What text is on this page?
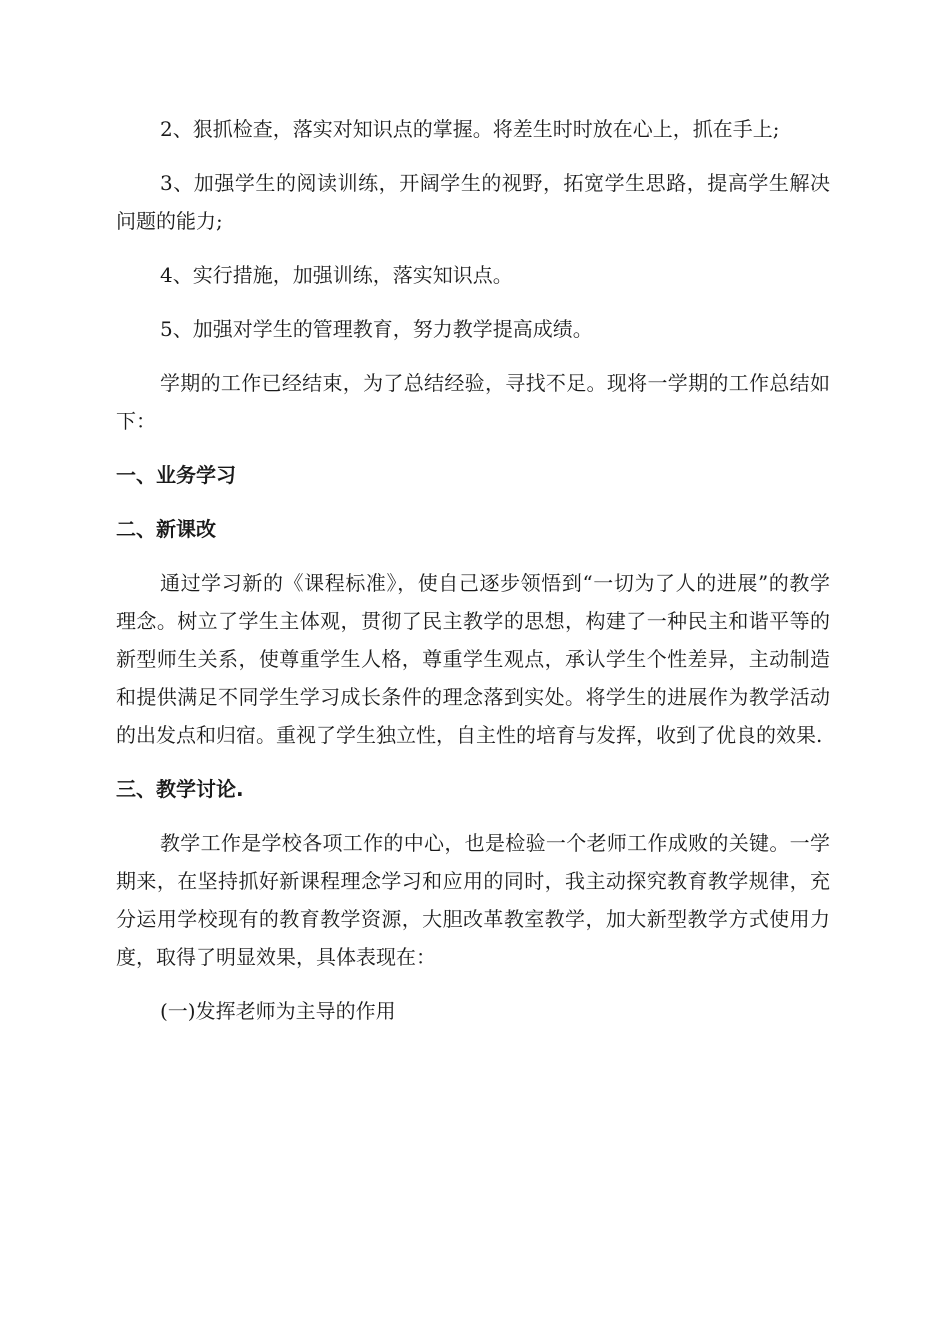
2、狠抓检查，落实对知识点的掌握。将差生时时放在心上，抓在手上;

3、加强学生的阅读训练，开阔学生的视野，拓宽学生思路，提高学生解决问题的能力;

4、实行措施，加强训练，落实知识点。

5、加强对学生的管理教育，努力教学提高成绩。

学期的工作已经结束，为了总结经验，寻找不足。现将一学期的工作总结如下：

一、业务学习

二、新课改

通过学习新的《课程标准》，使自己逐步领悟到“一切为了人的进展”的教学理念。树立了学生主体观，贯彻了民主教学的思想，构建了一种民主和谐平等的新型师生关系，使尊重学生人格，尊重学生观点，承认学生个性差异，主动制造和提供满足不同学生学习成长条件的理念落到实处。将学生的进展作为教学活动的出发点和归宿。重视了学生独立性，自主性的培育与发挥，收到了优良的效果.

三、教学讨论.

教学工作是学校各项工作的中心，也是检验一个老师工作成败的关键。一学期来，在坚持抓好新课程理念学习和应用的同时，我主动探究教育教学规律，充分运用学校现有的教育教学资源，大胆改革教室教学，加大新型教学方式使用力度，取得了明显效果，具体表现在：

(一)发挥老师为主导的作用
